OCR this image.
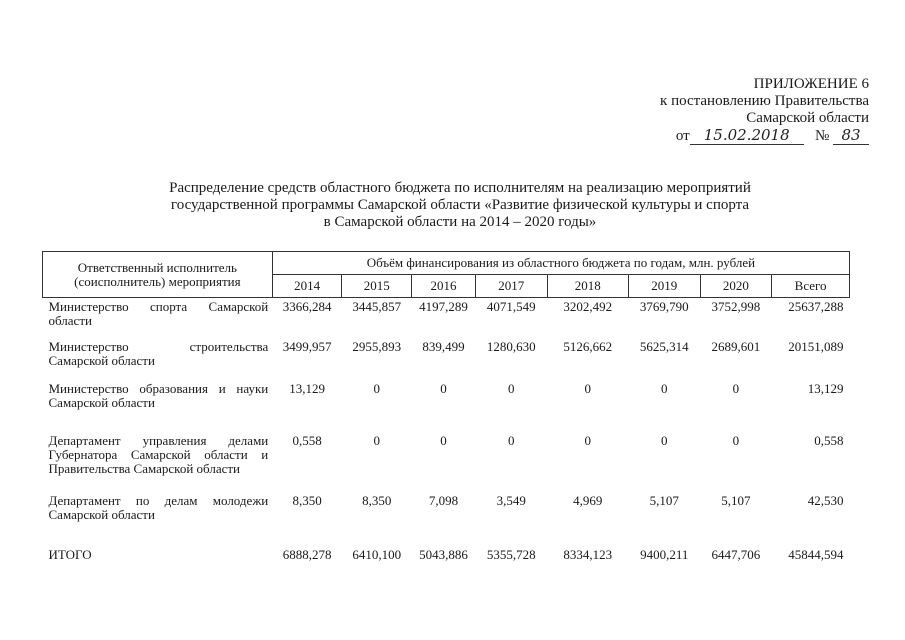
ПРИЛОЖЕНИЕ 6
к постановлению Правительства
Самарской области
от 15.02.2018 № 83
Распределение средств областного бюджета по исполнителям на реализацию мероприятий
государственной программы Самарской области «Развитие физической культуры и спорта
в Самарской области на 2014 – 2020 годы»
Ответственный исполнитель (соисполнитель) мероприятия	Объём финансирования из областного бюджета по годам, млн. рублей							
	2014	2015	2016	2017	2018	2019	2020	Всего
Министерство спорта Самарской области	3366,284	3445,857	4197,289	4071,549	3202,492	3769,790	3752,998	25637,288
Министерство строительства Самарской области	3499,957	2955,893	839,499	1280,630	5126,662	5625,314	2689,601	20151,089
Министерство образования и науки Самарской области	13,129	0	0	0	0	0	0	13,129
Департамент управления делами Губернатора Самарской области и Правительства Самарской области	0,558	0	0	0	0	0	0	0,558
Департамент по делам молодежи Самарской области	8,350	8,350	7,098	3,549	4,969	5,107	5,107	42,530
ИТОГО	6888,278	6410,100	5043,886	5355,728	8334,123	9400,211	6447,706	45844,594
